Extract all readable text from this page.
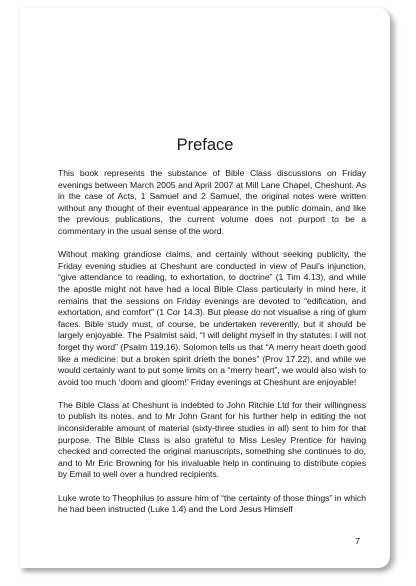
Preface

This book represents the substance of Bible Class discussions on Friday evenings between March 2005 and April 2007 at Mill Lane Chapel, Cheshunt. As in the case of Acts, 1 Samuel and 2 Samuel, the original notes were written without any thought of their eventual appearance in the public domain, and like the previous publications, the current volume does not purport to be a commentary in the usual sense of the word.

Without making grandiose claims, and certainly without seeking publicity, the Friday evening studies at Cheshunt are conducted in view of Paul’s injunction, “give attendance to reading, to exhortation, to doctrine” (1 Tim 4.13), and while the apostle might not have had a local Bible Class particularly in mind here, it remains that the sessions on Friday evenings are devoted to “edification, and exhortation, and comfort” (1 Cor 14.3). But please do not visualise a ring of glum faces. Bible study must, of course, be undertaken reverently, but it should be largely enjoyable. The Psalmist said, “I will delight myself in thy statutes: I will not forget thy word” (Psalm 119.16). Solomon tells us that “A merry heart doeth good like a medicine: but a broken spirit drieth the bones” (Prov 17.22), and while we would certainly want to put some limits on a “merry heart”, we would also wish to avoid too much ‘doom and gloom!’ Friday evenings at Cheshunt are enjoyable!

The Bible Class at Cheshunt is indebted to John Ritchie Ltd for their willingness to publish its notes, and to Mr John Grant for his further help in editing the not inconsiderable amount of material (sixty-three studies in all) sent to him for that purpose. The Bible Class is also grateful to Miss Lesley Prentice for having checked and corrected the original manuscripts, something she continues to do, and to Mr Eric Browning for his invaluable help in continuing to distribute copies by Email to well over a hundred recipients.

Luke wrote to Theophilus to assure him of “the certainty of those things” in which he had been instructed (Luke 1.4) and the Lord Jesus Himself

7
